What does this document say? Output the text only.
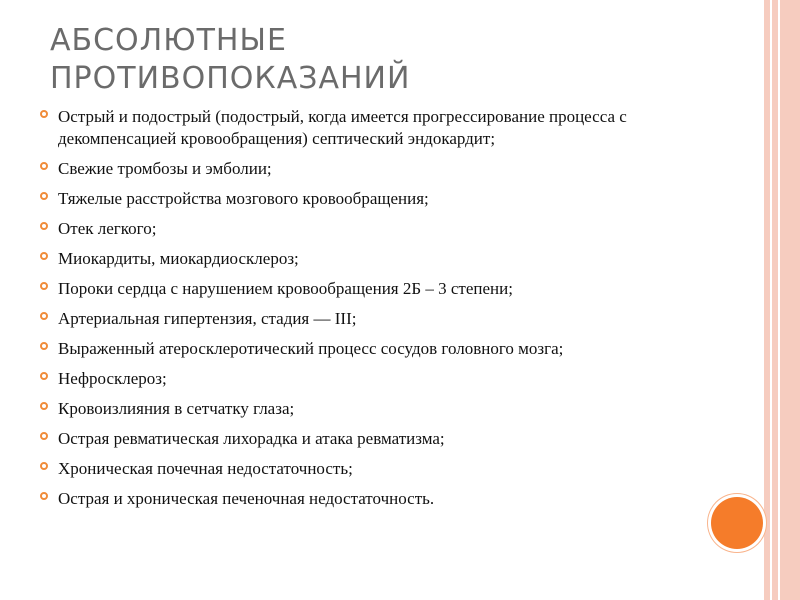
АБСОЛЮТНЫЕ
ПРОТИВОПОКАЗАНИЙ
Острый и подострый (подострый, когда имеется прогрессирование процесса с декомпенсацией кровообращения) септический эндокардит;
Свежие тромбозы и эмболии;
Тяжелые расстройства мозгового кровообращения;
Отек легкого;
Миокардиты, миокардиосклероз;
Пороки сердца с нарушением кровообращения 2Б – 3 степени;
Артериальная гипертензия, стадия — III;
Выраженный атеросклеротический процесс сосудов головного мозга;
Нефросклероз;
Кровоизлияния в сетчатку глаза;
Острая ревматическая лихорадка и атака ревматизма;
Хроническая почечная недостаточность;
Острая и хроническая печеночная недостаточность.
